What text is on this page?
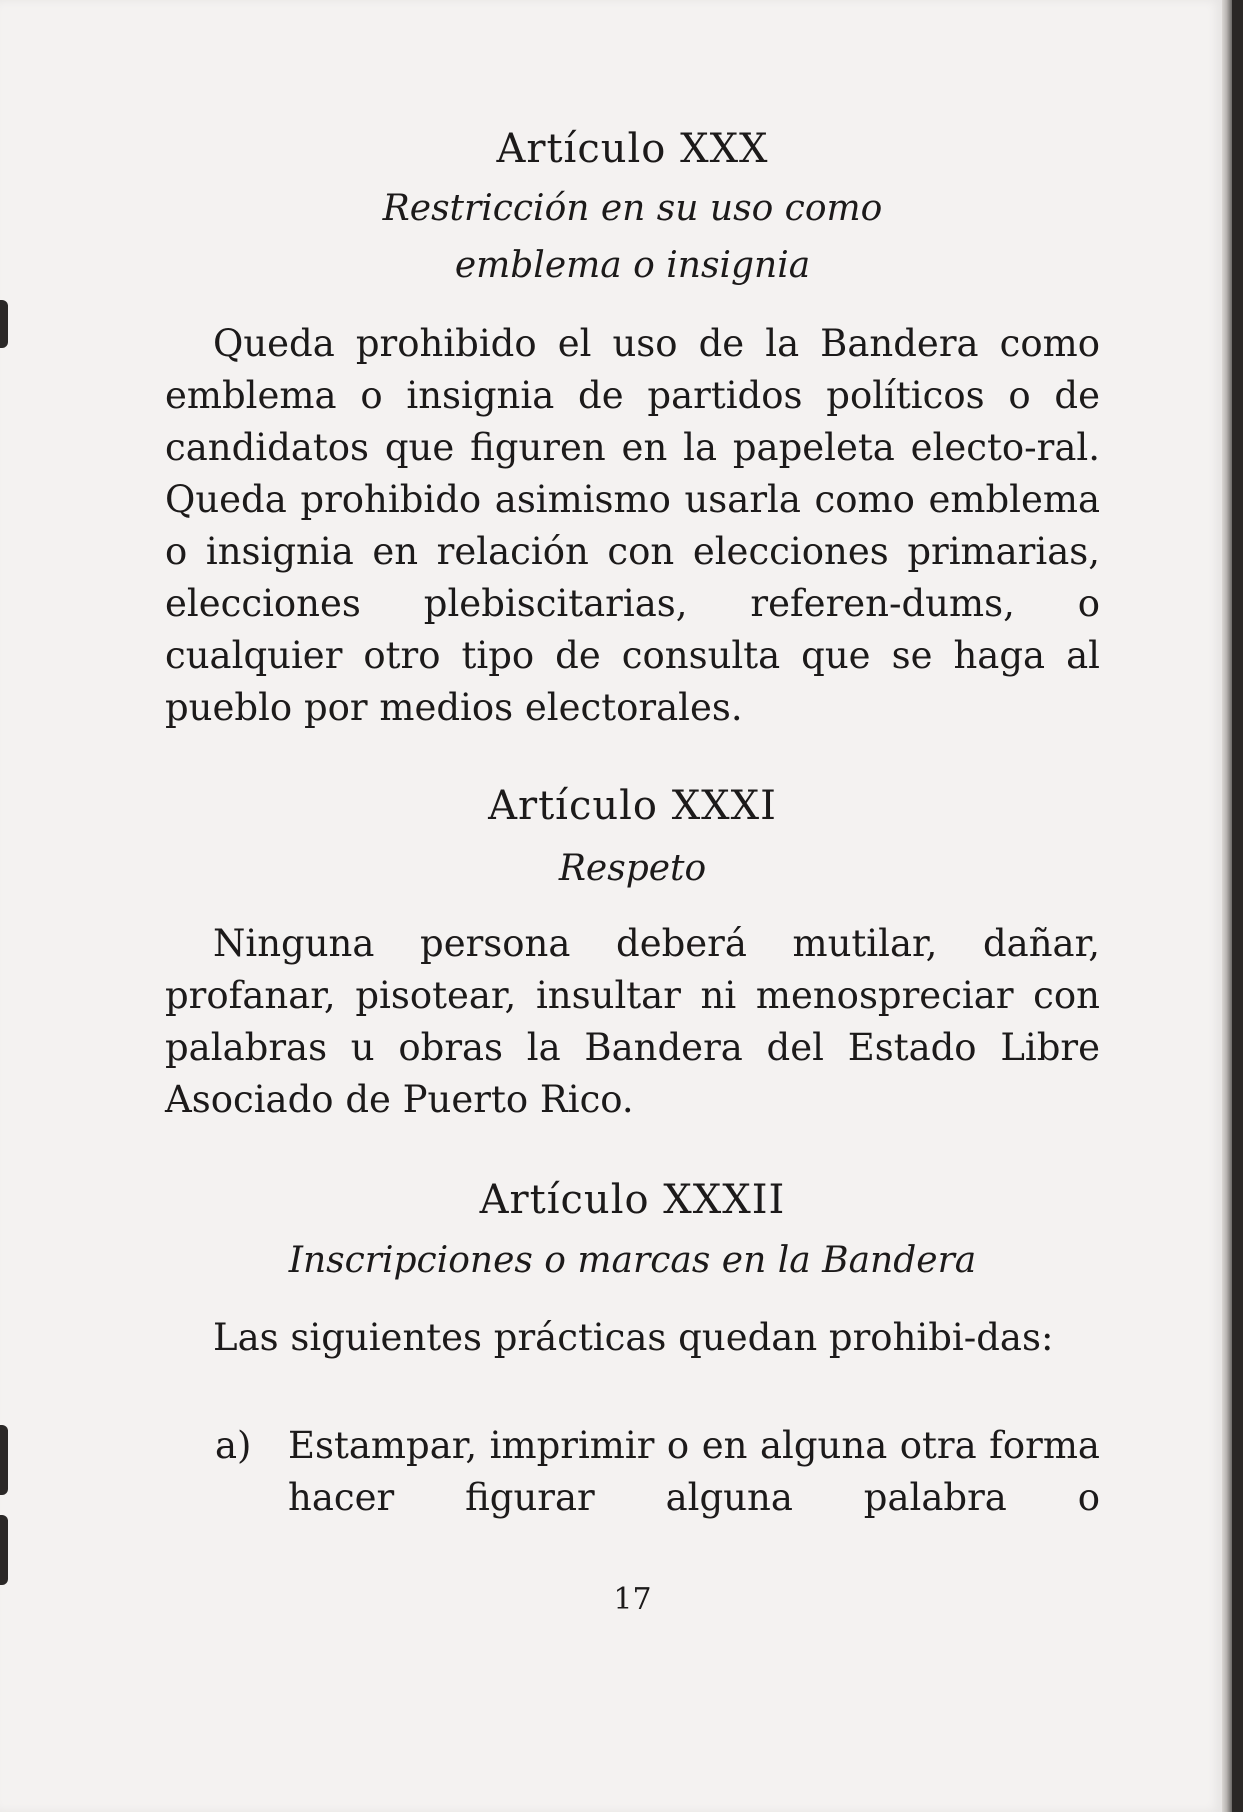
Artículo XXX
Restricción en su uso como
emblema o insignia

Queda prohibido el uso de la Bandera como emblema o insignia de partidos políticos o de candidatos que figuren en la papeleta electo-ral. Queda prohibido asimismo usarla como emblema o insignia en relación con elecciones primarias, elecciones plebiscitarias, referen-dums, o cualquier otro tipo de consulta que se haga al pueblo por medios electorales.

Artículo XXXI
Respeto

Ninguna persona deberá mutilar, dañar, profanar, pisotear, insultar ni menospreciar con palabras u obras la Bandera del Estado Libre Asociado de Puerto Rico.

Artículo XXXII
Inscripciones o marcas en la Bandera

Las siguientes prácticas quedan prohibi-das:

a) Estampar, imprimir o en alguna otra forma hacer figurar alguna palabra o

17
